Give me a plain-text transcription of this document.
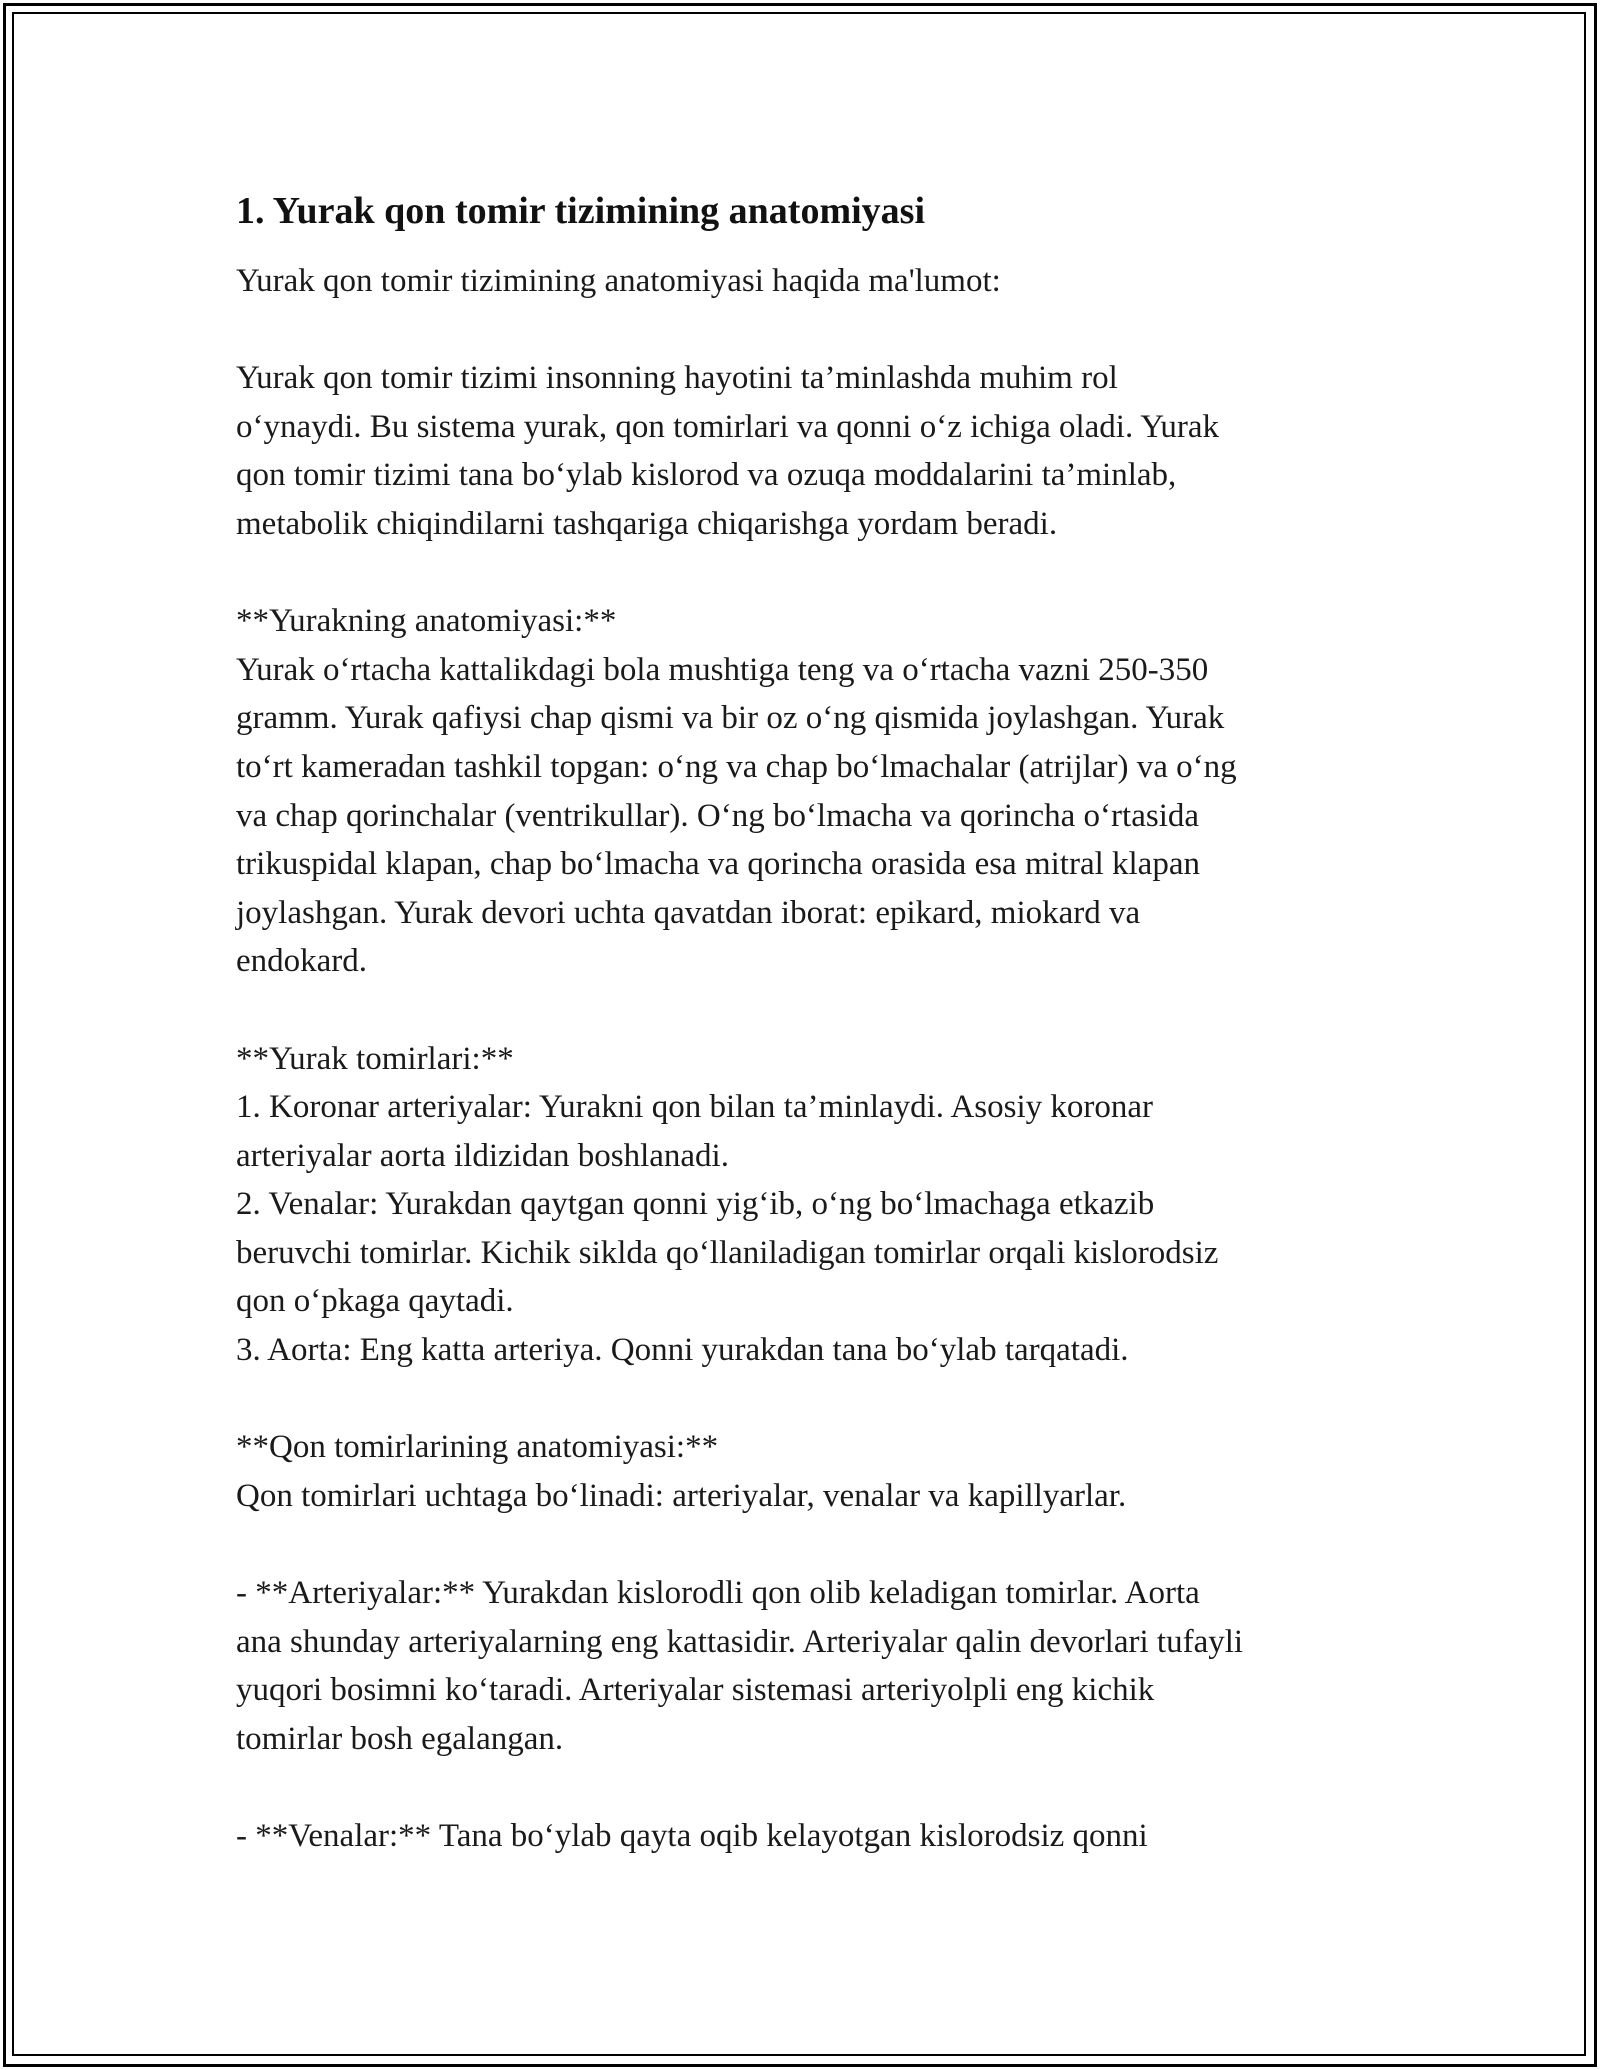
1. Yurak qon tomir tizimining anatomiyasi
Yurak qon tomir tizimining anatomiyasi haqida ma'lumot:
Yurak qon tomir tizimi insonning hayotini ta’minlashda muhim rol
o‘ynaydi. Bu sistema yurak, qon tomirlari va qonni o‘z ichiga oladi. Yurak
qon tomir tizimi tana bo‘ylab kislorod va ozuqa moddalarini ta’minlab,
metabolik chiqindilarni tashqariga chiqarishga yordam beradi.
**Yurakning anatomiyasi:**
Yurak o‘rtacha kattalikdagi bola mushtiga teng va o‘rtacha vazni 250-350
gramm. Yurak qafiysi chap qismi va bir oz o‘ng qismida joylashgan. Yurak
to‘rt kameradan tashkil topgan: o‘ng va chap bo‘lmachalar (atrijlar) va o‘ng
va chap qorinchalar (ventrikullar). O‘ng bo‘lmacha va qorincha o‘rtasida
trikuspidal klapan, chap bo‘lmacha va qorincha orasida esa mitral klapan
joylashgan. Yurak devori uchta qavatdan iborat: epikard, miokard va
endokard.
**Yurak tomirlari:**
1. Koronar arteriyalar: Yurakni qon bilan ta’minlaydi. Asosiy koronar
arteriyalar aorta ildizidan boshlanadi.
2. Venalar: Yurakdan qaytgan qonni yig‘ib, o‘ng bo‘lmachaga etkazib
beruvchi tomirlar. Kichik siklda qo‘llaniladigan tomirlar orqali kislorodsiz
qon o‘pkaga qaytadi.
3. Aorta: Eng katta arteriya. Qonni yurakdan tana bo‘ylab tarqatadi.
**Qon tomirlarining anatomiyasi:**
Qon tomirlari uchtaga bo‘linadi: arteriyalar, venalar va kapillyarlar.
- **Arteriyalar:** Yurakdan kislorodli qon olib keladigan tomirlar. Aorta
ana shunday arteriyalarning eng kattasidir. Arteriyalar qalin devorlari tufayli
yuqori bosimni ko‘taradi. Arteriyalar sistemasi arteriyolpli eng kichik
tomirlar bosh egalangan.
- **Venalar:** Tana bo‘ylab qayta oqib kelayotgan kislorodsiz qonni
